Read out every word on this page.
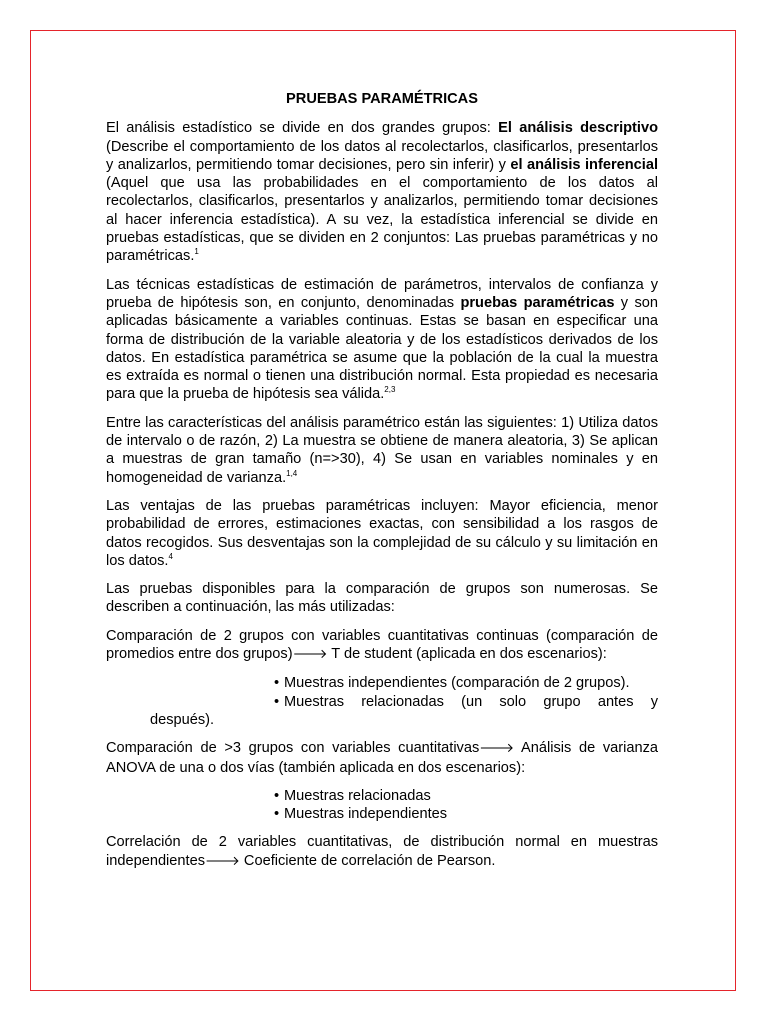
PRUEBAS PARAMÉTRICAS

El análisis estadístico se divide en dos grandes grupos: El análisis descriptivo (Describe el comportamiento de los datos al recolectarlos, clasificarlos, presentarlos y analizarlos, permitiendo tomar decisiones, pero sin inferir) y el análisis inferencial (Aquel que usa las probabilidades en el comportamiento de los datos al recolectarlos, clasificarlos, presentarlos y analizarlos, permitiendo tomar decisiones al hacer inferencia estadística). A su vez, la estadística inferencial se divide en pruebas estadísticas, que se dividen en 2 conjuntos: Las pruebas paramétricas y no paramétricas.$^1$

Las técnicas estadísticas de estimación de parámetros, intervalos de confianza y prueba de hipótesis son, en conjunto, denominadas pruebas paramétricas y son aplicadas básicamente a variables continuas. Estas se basan en especificar una forma de distribución de la variable aleatoria y de los estadísticos derivados de los datos. En estadística paramétrica se asume que la población de la cual la muestra es extraída es normal o tienen una distribución normal. Esta propiedad es necesaria para que la prueba de hipótesis sea válida.$^{2,3}$

Entre las características del análisis paramétrico están las siguientes: 1) Utiliza datos de intervalo o de razón, 2) La muestra se obtiene de manera aleatoria, 3) Se aplican a muestras de gran tamaño (n=>30), 4) Se usan en variables nominales y en homogeneidad de varianza.$^{1,4}$

Las ventajas de las pruebas paramétricas incluyen: Mayor eficiencia, menor probabilidad de errores, estimaciones exactas, con sensibilidad a los rasgos de datos recogidos. Sus desventajas son la complejidad de su cálculo y su limitación en los datos.$^4$

Las pruebas disponibles para la comparación de grupos son numerosas. Se describen a continuación, las más utilizadas:

Comparación de 2 grupos con variables cuantitativas continuas (comparación de promedios entre dos grupos)🡒 T de student (aplicada en dos escenarios):

• Muestras independientes (comparación de 2 grupos).
• Muestras relacionadas (un solo grupo antes y
después).

Comparación de >3 grupos con variables cuantitativas🡒 Análisis de varianza ANOVA de una o dos vías (también aplicada en dos escenarios):

• Muestras relacionadas
• Muestras independientes

Correlación de 2 variables cuantitativas, de distribución normal en muestras independientes🡒 Coeficiente de correlación de Pearson.
